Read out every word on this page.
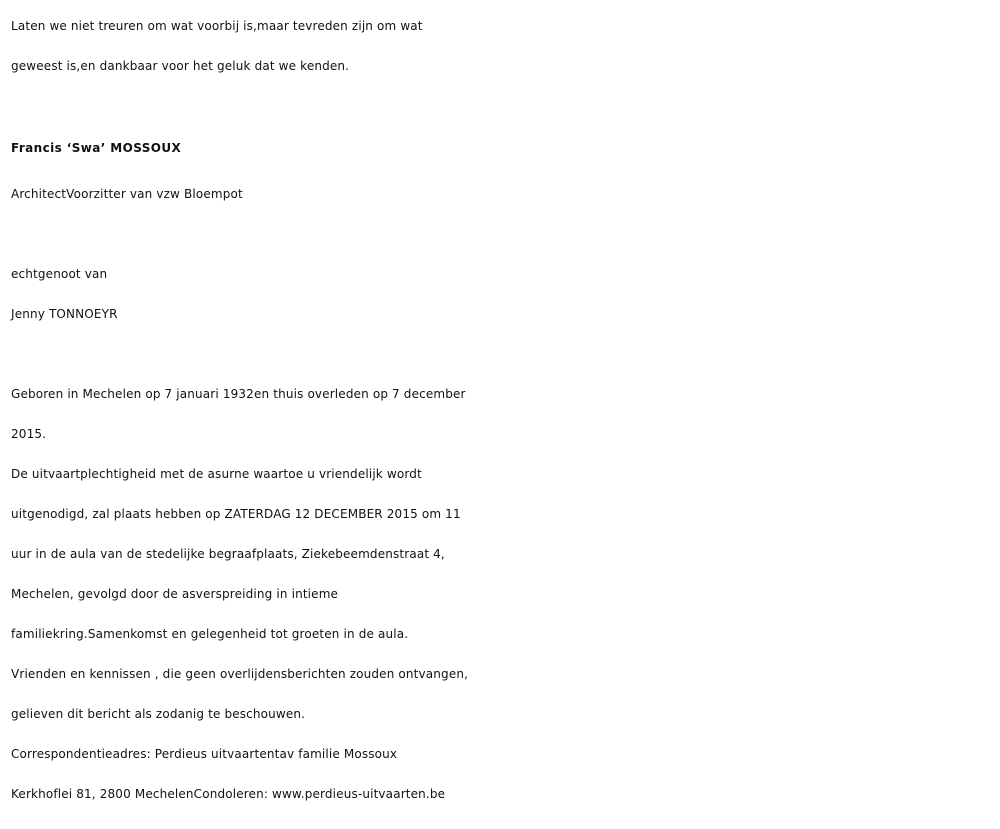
Laten we niet treuren om wat voorbij is,maar tevreden zijn om wat
geweest is,en dankbaar voor het geluk dat we kenden.
Francis ‘Swa’ MOSSOUX
ArchitectVoorzitter van vzw Bloempot
echtgenoot van
Jenny TONNOEYR
Geboren in Mechelen op 7 januari 1932en thuis overleden op 7 december
2015.
De uitvaartplechtigheid met de asurne waartoe u vriendelijk wordt
uitgenodigd, zal plaats hebben op ZATERDAG 12 DECEMBER 2015 om 11
uur in de aula van de stedelijke begraafplaats, Ziekebeemdenstraat 4,
Mechelen, gevolgd door de asverspreiding in intieme
familiekring.Samenkomst en gelegenheid tot groeten in de aula.
Vrienden en kennissen , die geen overlijdensberichten zouden ontvangen,
gelieven dit bericht als zodanig te beschouwen.
Correspondentieadres: Perdieus uitvaartentav familie Mossoux
Kerkhoflei 81, 2800 MechelenCondoleren: www.perdieus-uitvaarten.be
